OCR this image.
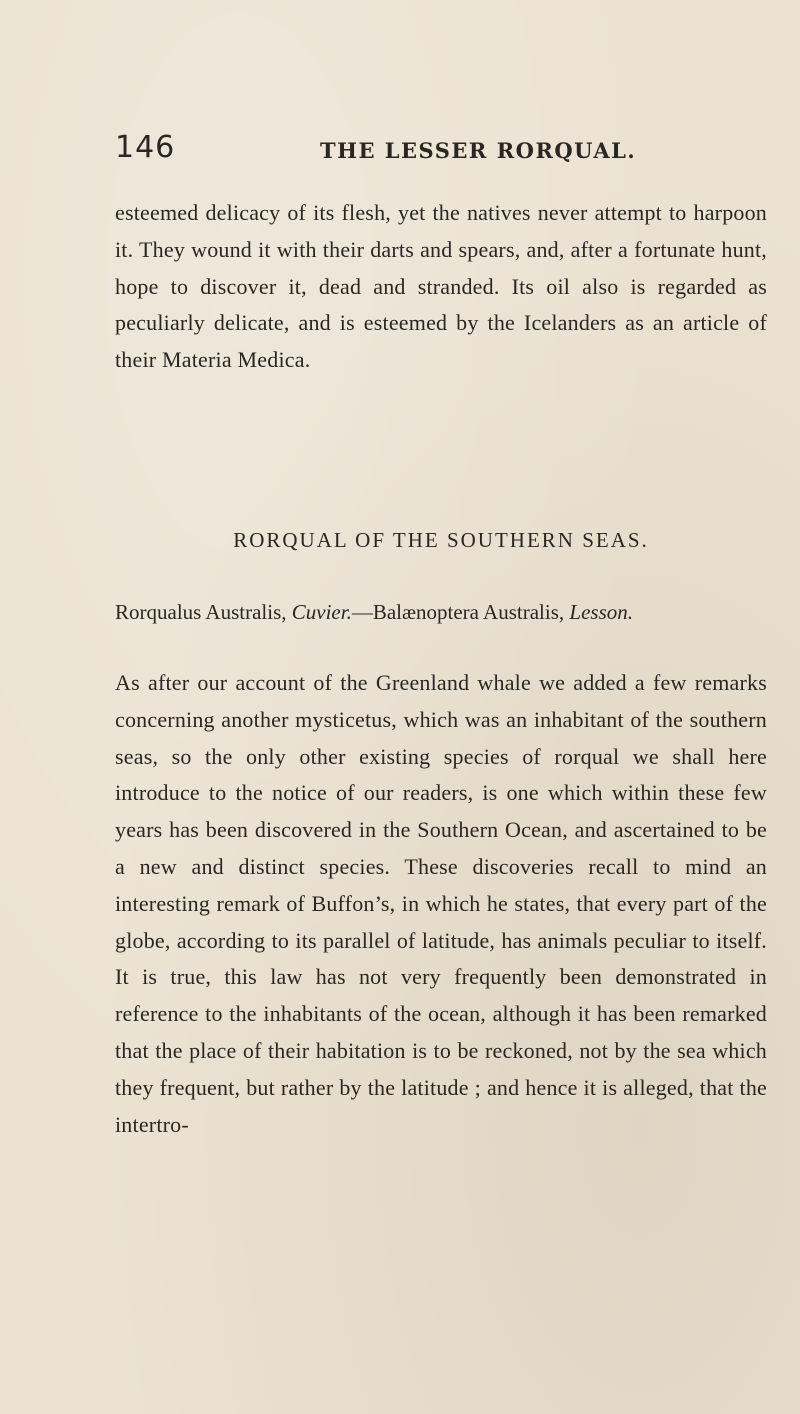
146	THE LESSER RORQUAL.
esteemed delicacy of its flesh, yet the natives never attempt to harpoon it. They wound it with their darts and spears, and, after a fortunate hunt, hope to discover it, dead and stranded. Its oil also is regarded as peculiarly delicate, and is esteemed by the Icelanders as an article of their Materia Medica.
RORQUAL OF THE SOUTHERN SEAS.
Rorqualus Australis, Cuvier.—Balænoptera Australis, Lesson.
As after our account of the Greenland whale we added a few remarks concerning another mysticetus, which was an inhabitant of the southern seas, so the only other existing species of rorqual we shall here introduce to the notice of our readers, is one which within these few years has been discovered in the Southern Ocean, and ascertained to be a new and distinct species. These discoveries recall to mind an interesting remark of Buffon’s, in which he states, that every part of the globe, according to its parallel of latitude, has animals peculiar to itself. It is true, this law has not very frequently been demonstrated in reference to the inhabitants of the ocean, although it has been remarked that the place of their habitation is to be reckoned, not by the sea which they frequent, but rather by the latitude ; and hence it is alleged, that the intertro-
